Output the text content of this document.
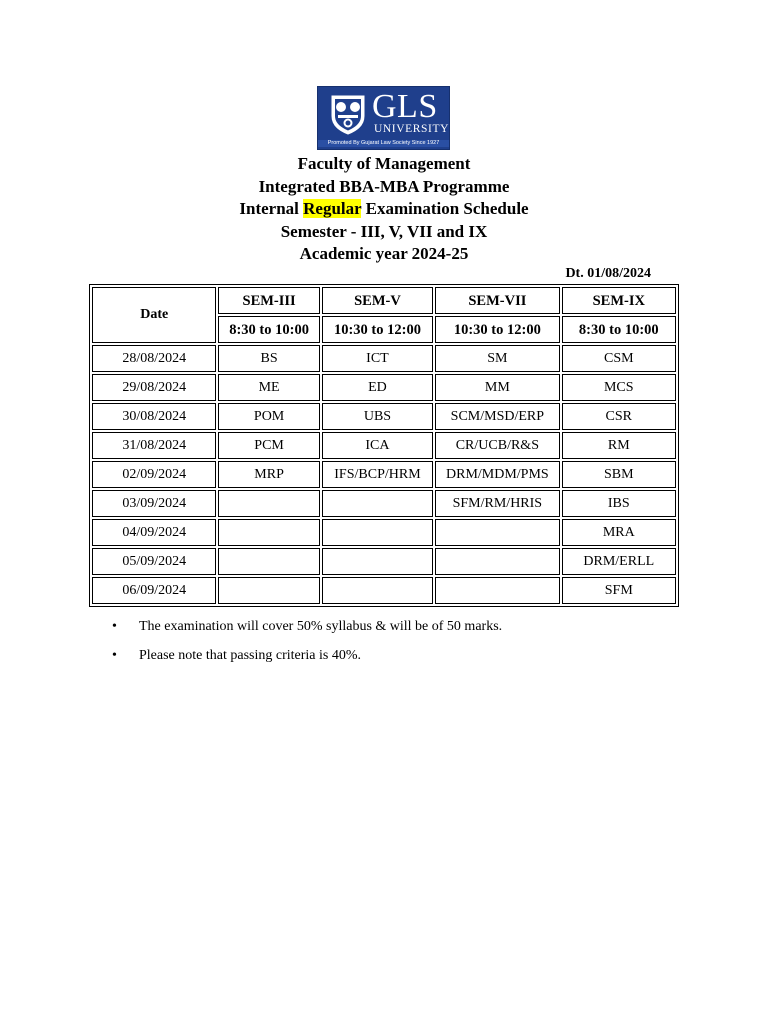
GLS
UNIVERSITY
Promoted By Gujarat Law Society Since 1927
Faculty of Management
Integrated BBA-MBA Programme
Internal Regular Examination Schedule
Semester - III, V, VII and IX
Academic year 2024-25
Dt. 01/08/2024
Date	SEM-III	SEM-V	SEM-VII	SEM-IX
	8:30 to 10:00	10:30 to 12:00	10:30 to 12:00	8:30 to 10:00
28/08/2024	BS	ICT	SM	CSM
29/08/2024	ME	ED	MM	MCS
30/08/2024	POM	UBS	SCM/MSD/ERP	CSR
31/08/2024	PCM	ICA	CR/UCB/R&S	RM
02/09/2024	MRP	IFS/BCP/HRM	DRM/MDM/PMS	SBM
03/09/2024			SFM/RM/HRIS	IBS
04/09/2024				MRA
05/09/2024				DRM/ERLL
06/09/2024				SFM
• The examination will cover 50% syllabus & will be of 50 marks.
• Please note that passing criteria is 40%.
